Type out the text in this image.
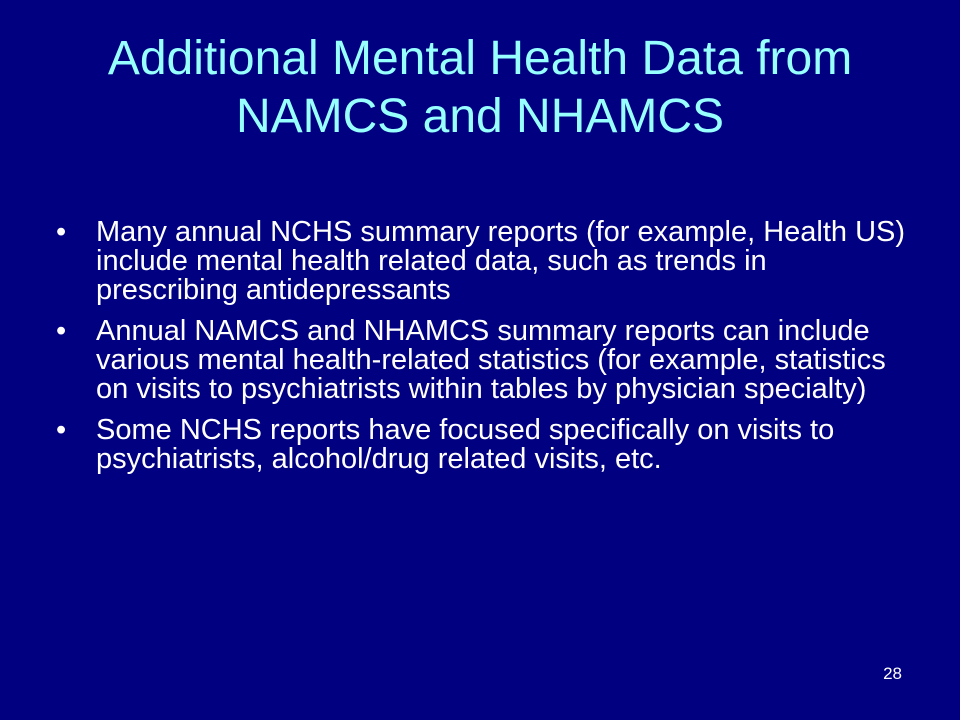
Additional Mental Health Data from NAMCS and NHAMCS
• Many annual NCHS summary reports (for example, Health US) include mental health related data, such as trends in prescribing antidepressants
• Annual NAMCS and NHAMCS summary reports can include various mental health-related statistics (for example, statistics on visits to psychiatrists within tables by physician specialty)
• Some NCHS reports have focused specifically on visits to psychiatrists, alcohol/drug related visits, etc.
28
